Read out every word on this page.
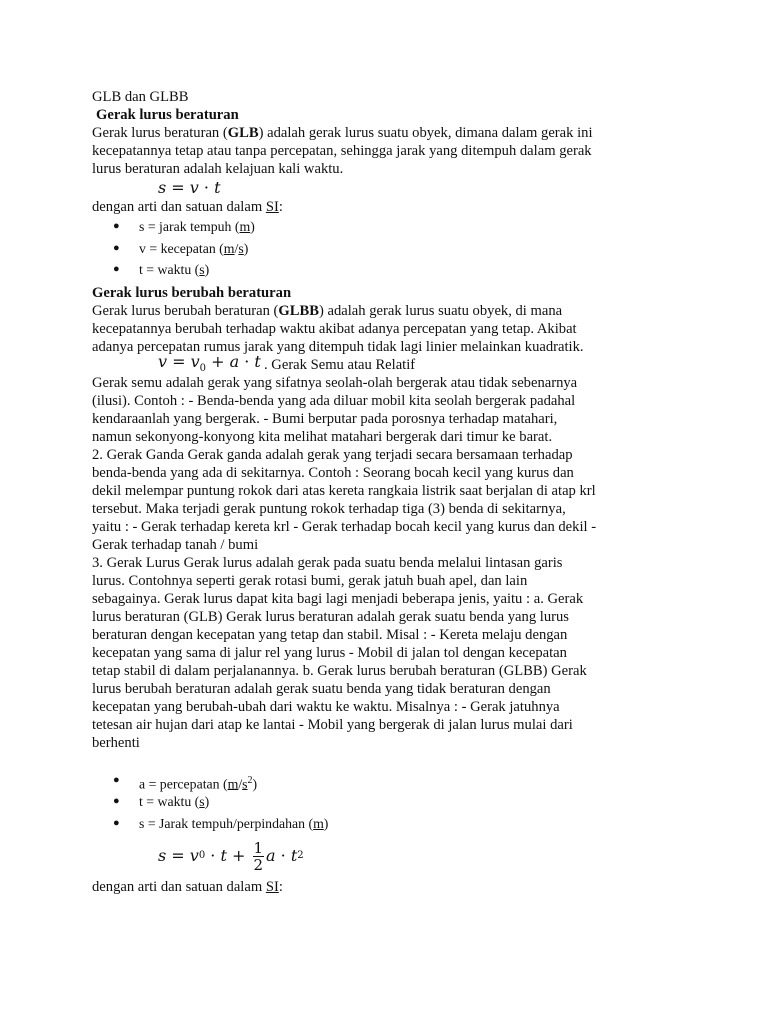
GLB dan GLBB
Gerak lurus beraturan
Gerak lurus beraturan (GLB) adalah gerak lurus suatu obyek, dimana dalam gerak ini
kecepatannya tetap atau tanpa percepatan, sehingga jarak yang ditempuh dalam gerak
lurus beraturan adalah kelajuan kali waktu.
s = v · t
dengan arti dan satuan dalam SI:
● s = jarak tempuh (m)
● v = kecepatan (m/s)
● t = waktu (s)
Gerak lurus berubah beraturan
Gerak lurus berubah beraturan (GLBB) adalah gerak lurus suatu obyek, di mana
kecepatannya berubah terhadap waktu akibat adanya percepatan yang tetap. Akibat
adanya percepatan rumus jarak yang ditempuh tidak lagi linier melainkan kuadratik.
$v = v_0 + a \cdot t$ . Gerak Semu atau Relatif
Gerak semu adalah gerak yang sifatnya seolah-olah bergerak atau tidak sebenarnya
(ilusi). Contoh : - Benda-benda yang ada diluar mobil kita seolah bergerak padahal
kendaraanlah yang bergerak. - Bumi berputar pada porosnya terhadap matahari,
namun sekonyong-konyong kita melihat matahari bergerak dari timur ke barat.
2. Gerak Ganda Gerak ganda adalah gerak yang terjadi secara bersamaan terhadap
benda-benda yang ada di sekitarnya. Contoh : Seorang bocah kecil yang kurus dan
dekil melempar puntung rokok dari atas kereta rangkaia listrik saat berjalan di atap krl
tersebut. Maka terjadi gerak puntung rokok terhadap tiga (3) benda di sekitarnya,
yaitu : - Gerak terhadap kereta krl - Gerak terhadap bocah kecil yang kurus dan dekil -
Gerak terhadap tanah / bumi
3. Gerak Lurus Gerak lurus adalah gerak pada suatu benda melalui lintasan garis
lurus. Contohnya seperti gerak rotasi bumi, gerak jatuh buah apel, dan lain
sebagainya. Gerak lurus dapat kita bagi lagi menjadi beberapa jenis, yaitu : a. Gerak
lurus beraturan (GLB) Gerak lurus beraturan adalah gerak suatu benda yang lurus
beraturan dengan kecepatan yang tetap dan stabil. Misal : - Kereta melaju dengan
kecepatan yang sama di jalur rel yang lurus - Mobil di jalan tol dengan kecepatan
tetap stabil di dalam perjalanannya. b. Gerak lurus berubah beraturan (GLBB) Gerak
lurus berubah beraturan adalah gerak suatu benda yang tidak beraturan dengan
kecepatan yang berubah-ubah dari waktu ke waktu. Misalnya : - Gerak jatuhnya
tetesan air hujan dari atap ke lantai - Mobil yang bergerak di jalan lurus mulai dari
berhenti
● a = percepatan $(m/s^2)$
● t = waktu (s)
● s = Jarak tempuh/perpindahan (m)
s = v 0
· t +
$\frac{1}{2}$ a · t 2
dengan arti dan satuan dalam SI:
